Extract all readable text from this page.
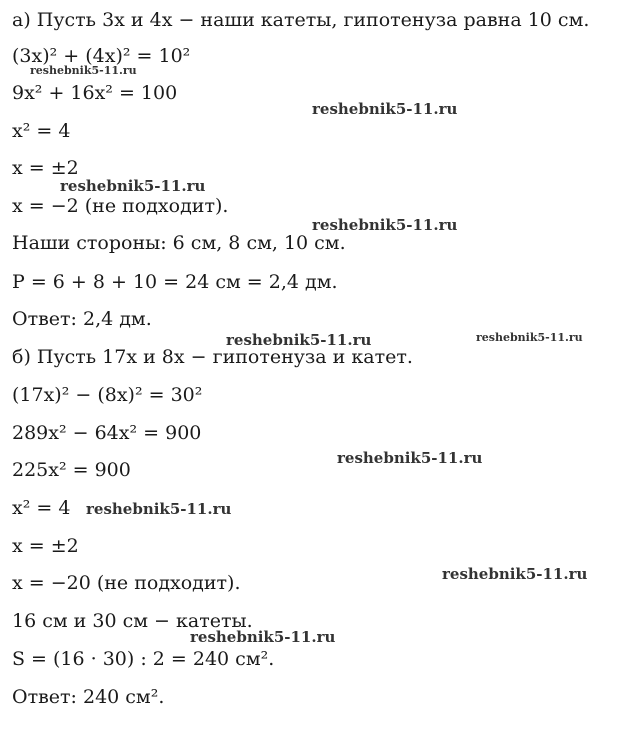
а) Пусть 3x и 4x − наши катеты, гипотенуза равна 10 см.
(3x)² + (4x)² = 10²
9x² + 16x² = 100
x² = 4
x = ±2
x = −2 (не подходит).
Наши стороны: 6 см, 8 см, 10 см.
P = 6 + 8 + 10 = 24 см = 2,4 дм.
Ответ: 2,4 дм.
б) Пусть 17x и 8x − гипотенуза и катет.
(17x)² − (8x)² = 30²
289x² − 64x² = 900
225x² = 900
x² = 4
x = ±2
x = −20 (не подходит).
16 см и 30 см − катеты.
S = (16 · 30) : 2 = 240 см².
Ответ: 240 см².
reshebnik5-11.ru
reshebnik5-11.ru
reshebnik5-11.ru
reshebnik5-11.ru
reshebnik5-11.ru	reshebnik5-11.ru
reshebnik5-11.ru
reshebnik5-11.ru
reshebnik5-11.ru
reshebnik5-11.ru
